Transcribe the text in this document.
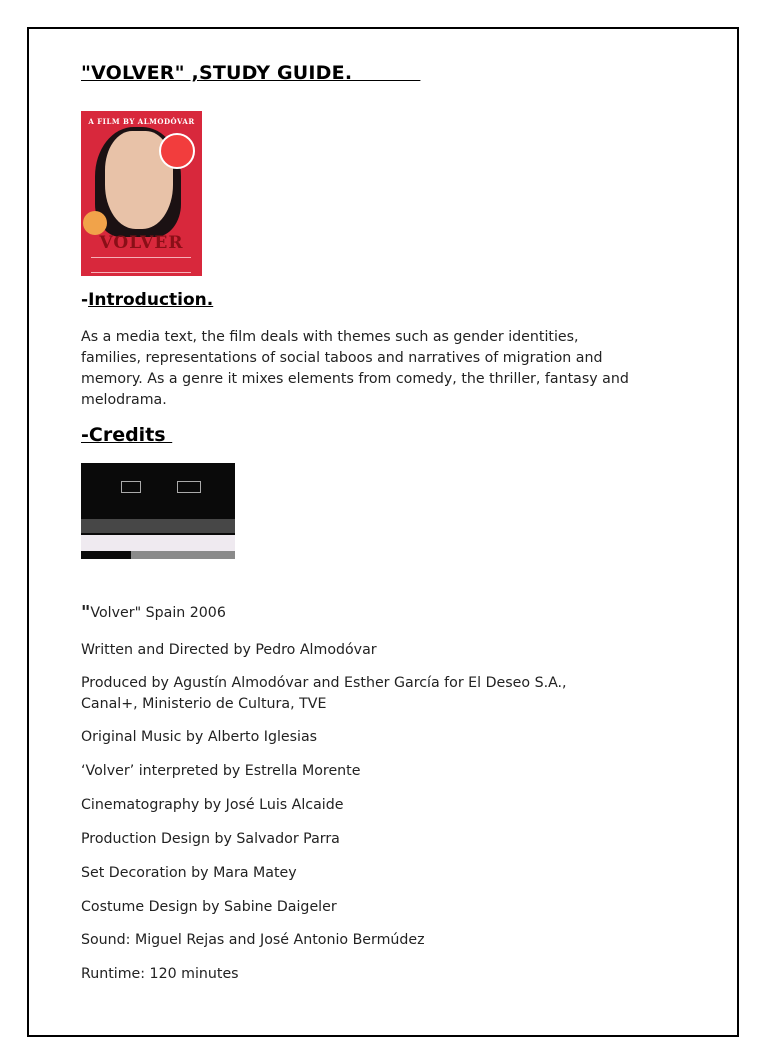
"VOLVER" ,STUDY GUIDE.
A FILM BY ALMODÓVAR
VOLVER
-Introduction.
As a media text, the film deals with themes such as gender identities, families, representations of social taboos and narratives of migration and memory. As a genre it mixes elements from comedy, the thriller, fantasy and melodrama.
-Credits
"Volver" Spain 2006
Written and Directed by Pedro Almodóvar
Produced by Agustín Almodóvar and Esther García for El Deseo S.A.,
Canal+, Ministerio de Cultura, TVE
Original Music by Alberto Iglesias
‘Volver’ interpreted by Estrella Morente
Cinematography by José Luis Alcaide
Production Design by Salvador Parra
Set Decoration by Mara Matey
Costume Design by Sabine Daigeler
Sound: Miguel Rejas and José Antonio Bermúdez
Runtime: 120 minutes
